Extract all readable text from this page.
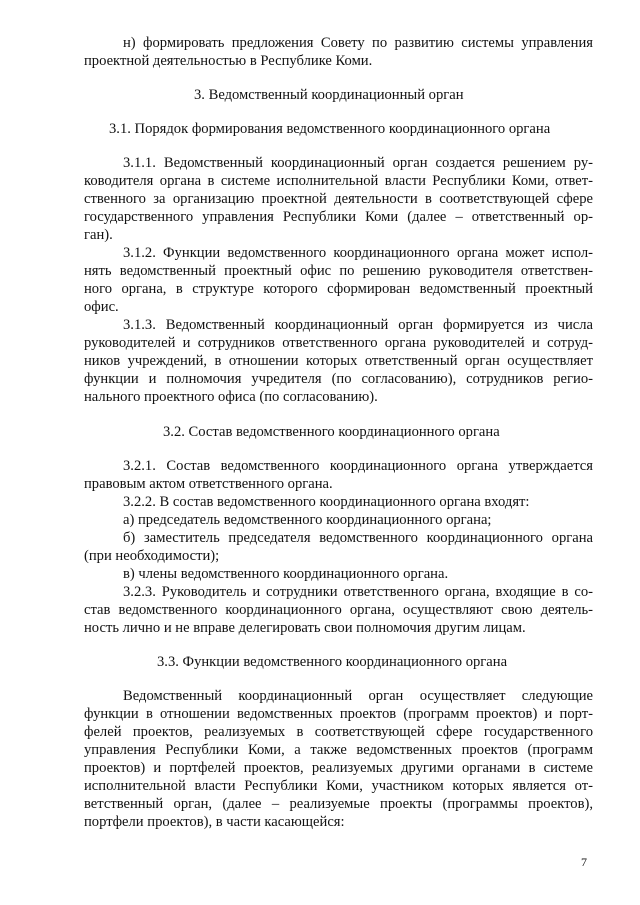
н) формировать предложения Совету по развитию системы управления
проектной деятельностью в Республике Коми.
3. Ведомственный координационный орган
3.1. Порядок формирования ведомственного координационного органа
3.1.1. Ведомственный координационный орган создается решением ру-
ководителя органа в системе исполнительной власти Республики Коми, ответ-
ственного за организацию проектной деятельности в соответствующей сфере
государственного управления Республики Коми (далее – ответственный ор-
ган).
3.1.2. Функции ведомственного координационного органа может испол-
нять ведомственный проектный офис по решению руководителя ответствен-
ного органа, в структуре которого сформирован ведомственный проектный
офис.
3.1.3. Ведомственный координационный орган формируется из числа
руководителей и сотрудников ответственного органа руководителей и сотруд-
ников учреждений, в отношении которых ответственный орган осуществляет
функции и полномочия учредителя (по согласованию), сотрудников регио-
нального проектного офиса (по согласованию).
3.2. Состав ведомственного координационного органа
3.2.1. Состав ведомственного координационного органа утверждается
правовым актом ответственного органа.
3.2.2. В состав ведомственного координационного органа входят:
а) председатель ведомственного координационного органа;
б) заместитель председателя ведомственного координационного органа
(при необходимости);
в) члены ведомственного координационного органа.
3.2.3. Руководитель и сотрудники ответственного органа, входящие в со-
став ведомственного координационного органа, осуществляют свою деятель-
ность лично и не вправе делегировать свои полномочия другим лицам.
3.3. Функции ведомственного координационного органа
Ведомственный координационный орган осуществляет следующие
функции в отношении ведомственных проектов (программ проектов) и порт-
фелей проектов, реализуемых в соответствующей сфере государственного
управления Республики Коми, а также ведомственных проектов (программ
проектов) и портфелей проектов, реализуемых другими органами в системе
исполнительной власти Республики Коми, участником которых является от-
ветственный орган, (далее – реализуемые проекты (программы проектов),
портфели проектов), в части касающейся:
7
